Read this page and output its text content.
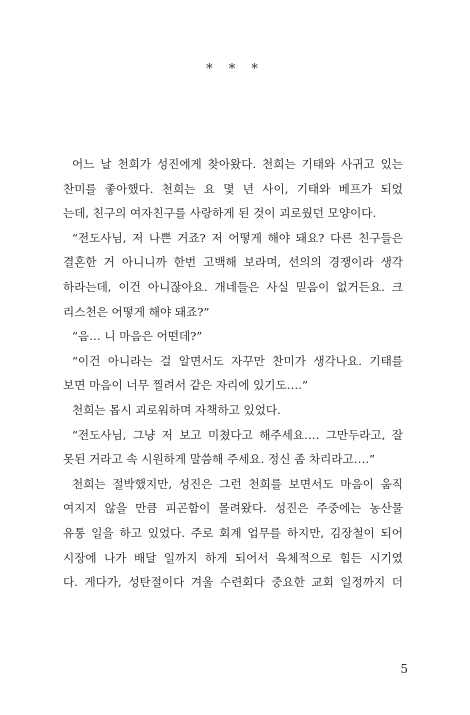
* * *
어느 날 천희가 성진에게 찾아왔다. 천희는 기태와 사귀고 있는
찬미를 좋아했다. 천희는 요 몇 년 사이, 기태와 베프가 되었
는데, 친구의 여자친구를 사랑하게 된 것이 괴로웠던 모양이다.
“전도사님, 저 나쁜 거죠? 저 어떻게 해야 돼요? 다른 친구들은
결혼한 거 아니니까 한번 고백해 보라며, 선의의 경쟁이라 생각
하라는데, 이건 아니잖아요. 개네들은 사실 믿음이 없거든요. 크
리스천은 어떻게 해야 돼죠?”
“음… 니 마음은 어떤데?”
“이건 아니라는 걸 알면서도 자꾸만 찬미가 생각나요. 기태를
보면 마음이 너무 찔려서 같은 자리에 있기도….”
천희는 몹시 괴로워하며 자책하고 있었다.
“전도사님, 그냥 저 보고 미쳤다고 해주세요…. 그만두라고, 잘
못된 거라고 속 시원하게 말씀해 주세요. 정신 좀 차리라고….”
천희는 절박했지만, 성진은 그런 천희를 보면서도 마음이 움직
여지지 않을 만큼 피곤함이 몰려왔다. 성진은 주중에는 농산물
유통 일을 하고 있었다. 주로 회계 업무를 하지만, 김장철이 되어
시장에 나가 배달 일까지 하게 되어서 육체적으로 힘든 시기였
다. 게다가, 성탄절이다 겨울 수련회다 중요한 교회 일정까지 더
5
